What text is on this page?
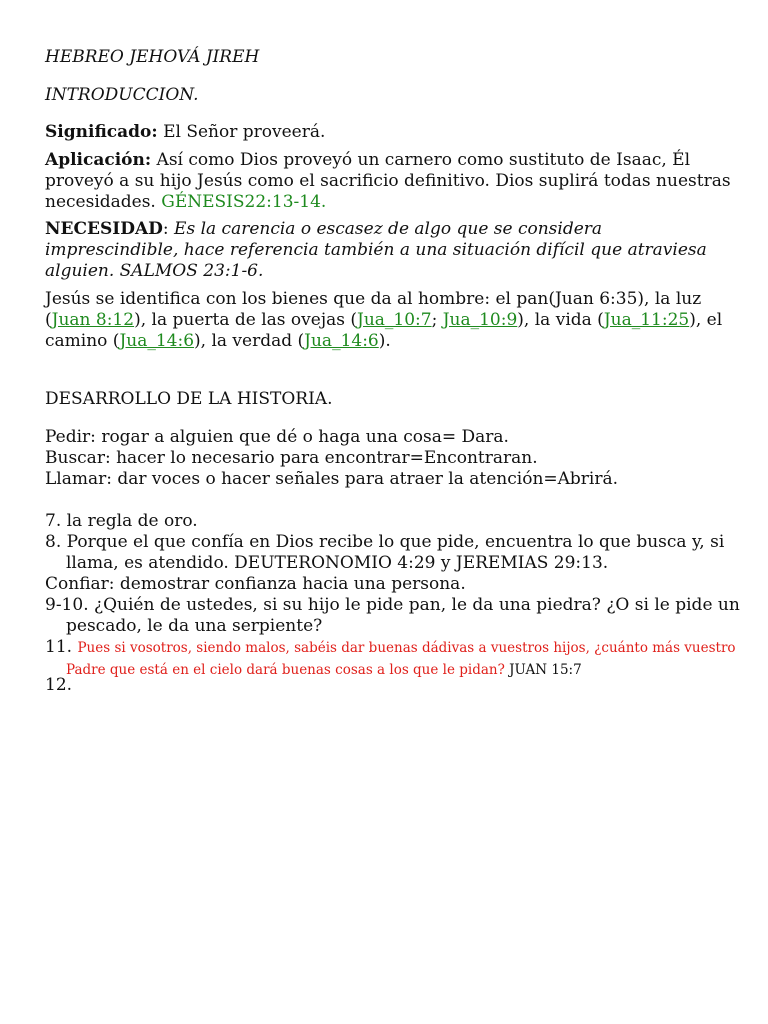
HEBREO JEHOVÁ JIREH

INTRODUCCION.

Significado: El Señor proveerá.

Aplicación: Así como Dios proveyó un carnero como sustituto de Isaac, Él proveyó a su hijo Jesús como el sacrificio definitivo. Dios suplirá todas nuestras necesidades. GÉNESIS22:13-14.

NECESIDAD: Es la carencia o escasez de algo que se considera imprescindible, hace referencia también a una situación difícil que atraviesa alguien. SALMOS 23:1-6.

Jesús se identifica con los bienes que da al hombre: el pan(Juan 6:35), la luz (Juan 8:12), la puerta de las ovejas (Jua_10:7; Jua_10:9), la vida (Jua_11:25), el camino (Jua_14:6), la verdad (Jua_14:6).

DESARROLLO DE LA HISTORIA.

Pedir: rogar a alguien que dé o haga una cosa= Dara.
Buscar: hacer lo necesario para encontrar=Encontraran.
Llamar: dar voces o hacer señales para atraer la atención=Abrirá.

7. la regla de oro.

8. Porque el que confía en Dios recibe lo que pide, encuentra lo que busca y, si llama, es atendido. DEUTERONOMIO 4:29 y JEREMIAS 29:13.

Confiar: demostrar confianza hacia una persona.

9-10. ¿Quién de ustedes, si su hijo le pide pan, le da una piedra? ¿O si le pide un pescado, le da una serpiente?

11. Pues si vosotros, siendo malos, sabéis dar buenas dádivas a vuestros hijos, ¿cuánto más vuestro Padre que está en el cielo dará buenas cosas a los que le pidan? JUAN 15:7

12.
